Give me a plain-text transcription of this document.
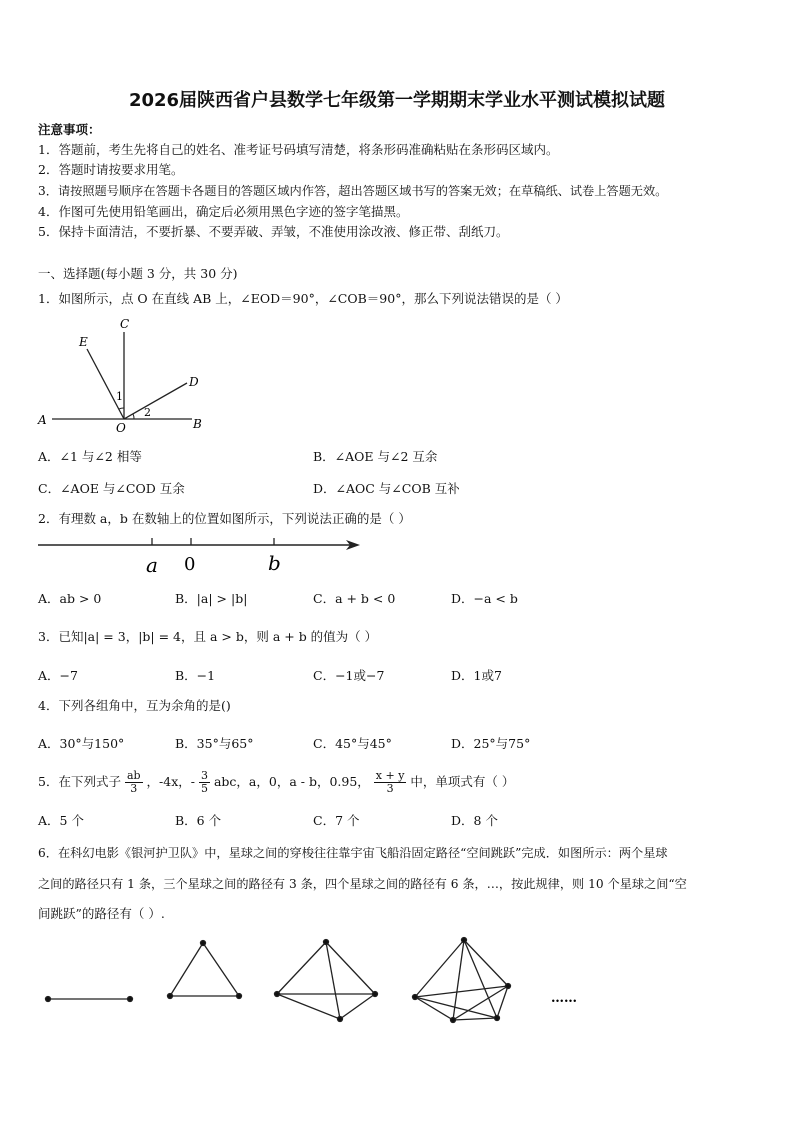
2026届陕西省户县数学七年级第一学期期末学业水平测试模拟试题
注意事项：
1．答题前，考生先将自己的姓名、准考证号码填写清楚，将条形码准确粘贴在条形码区域内。
2．答题时请按要求用笔。
3．请按照题号顺序在答题卡各题目的答题区域内作答，超出答题区域书写的答案无效；在草稿纸、试卷上答题无效。
4．作图可先使用铅笔画出，确定后必须用黑色字迹的签字笔描黑。
5．保持卡面清洁，不要折暴、不要弄破、弄皱，不准使用涂改液、修正带、刮纸刀。
一、选择题(每小题 3 分，共 30 分)
1．如图所示，点 O 在直线 AB 上，∠EOD＝90°，∠COB＝90°，那么下列说法错误的是（ ）
C
E
D
A
O	B
1
2
A．∠1 与∠2 相等	B．∠AOE 与∠2 互余
C．∠AOE 与∠COD 互余	D．∠AOC 与∠COB 互补
2．有理数 a，b 在数轴上的位置如图所示，下列说法正确的是（ ）
a 0	b
A．ab > 0	B．|a| > |b|	C．a + b < 0	D．−a < b
3．已知|a| = 3，|b| = 4，且 a > b，则 a + b 的值为（ ）
A．−7	B．−1	C．−1或−7	D．1或7
4．下列各组角中，互为余角的是()
A．30°与150°	B．35°与65°	C．45°与45°	D．25°与75°
5．在下列式子 $\frac{ab}{3}$ ，-4x，- $\frac{3}{5}$ abc，a，0，a - b，0.95， $\frac{x + y}{3}$ 中，单项式有（ ）
A．5 个	B．6 个	C．7 个	D．8 个
6．在科幻电影《银河护卫队》中，星球之间的穿梭往往靠宇宙飞船沿固定路径“空间跳跃”完成．如图所示：两个星球
之间的路径只有 1 条，三个星球之间的路径有 3 条，四个星球之间的路径有 6 条，…，按此规律，则 10 个星球之间“空
间跳跃”的路径有（ ）.
……
